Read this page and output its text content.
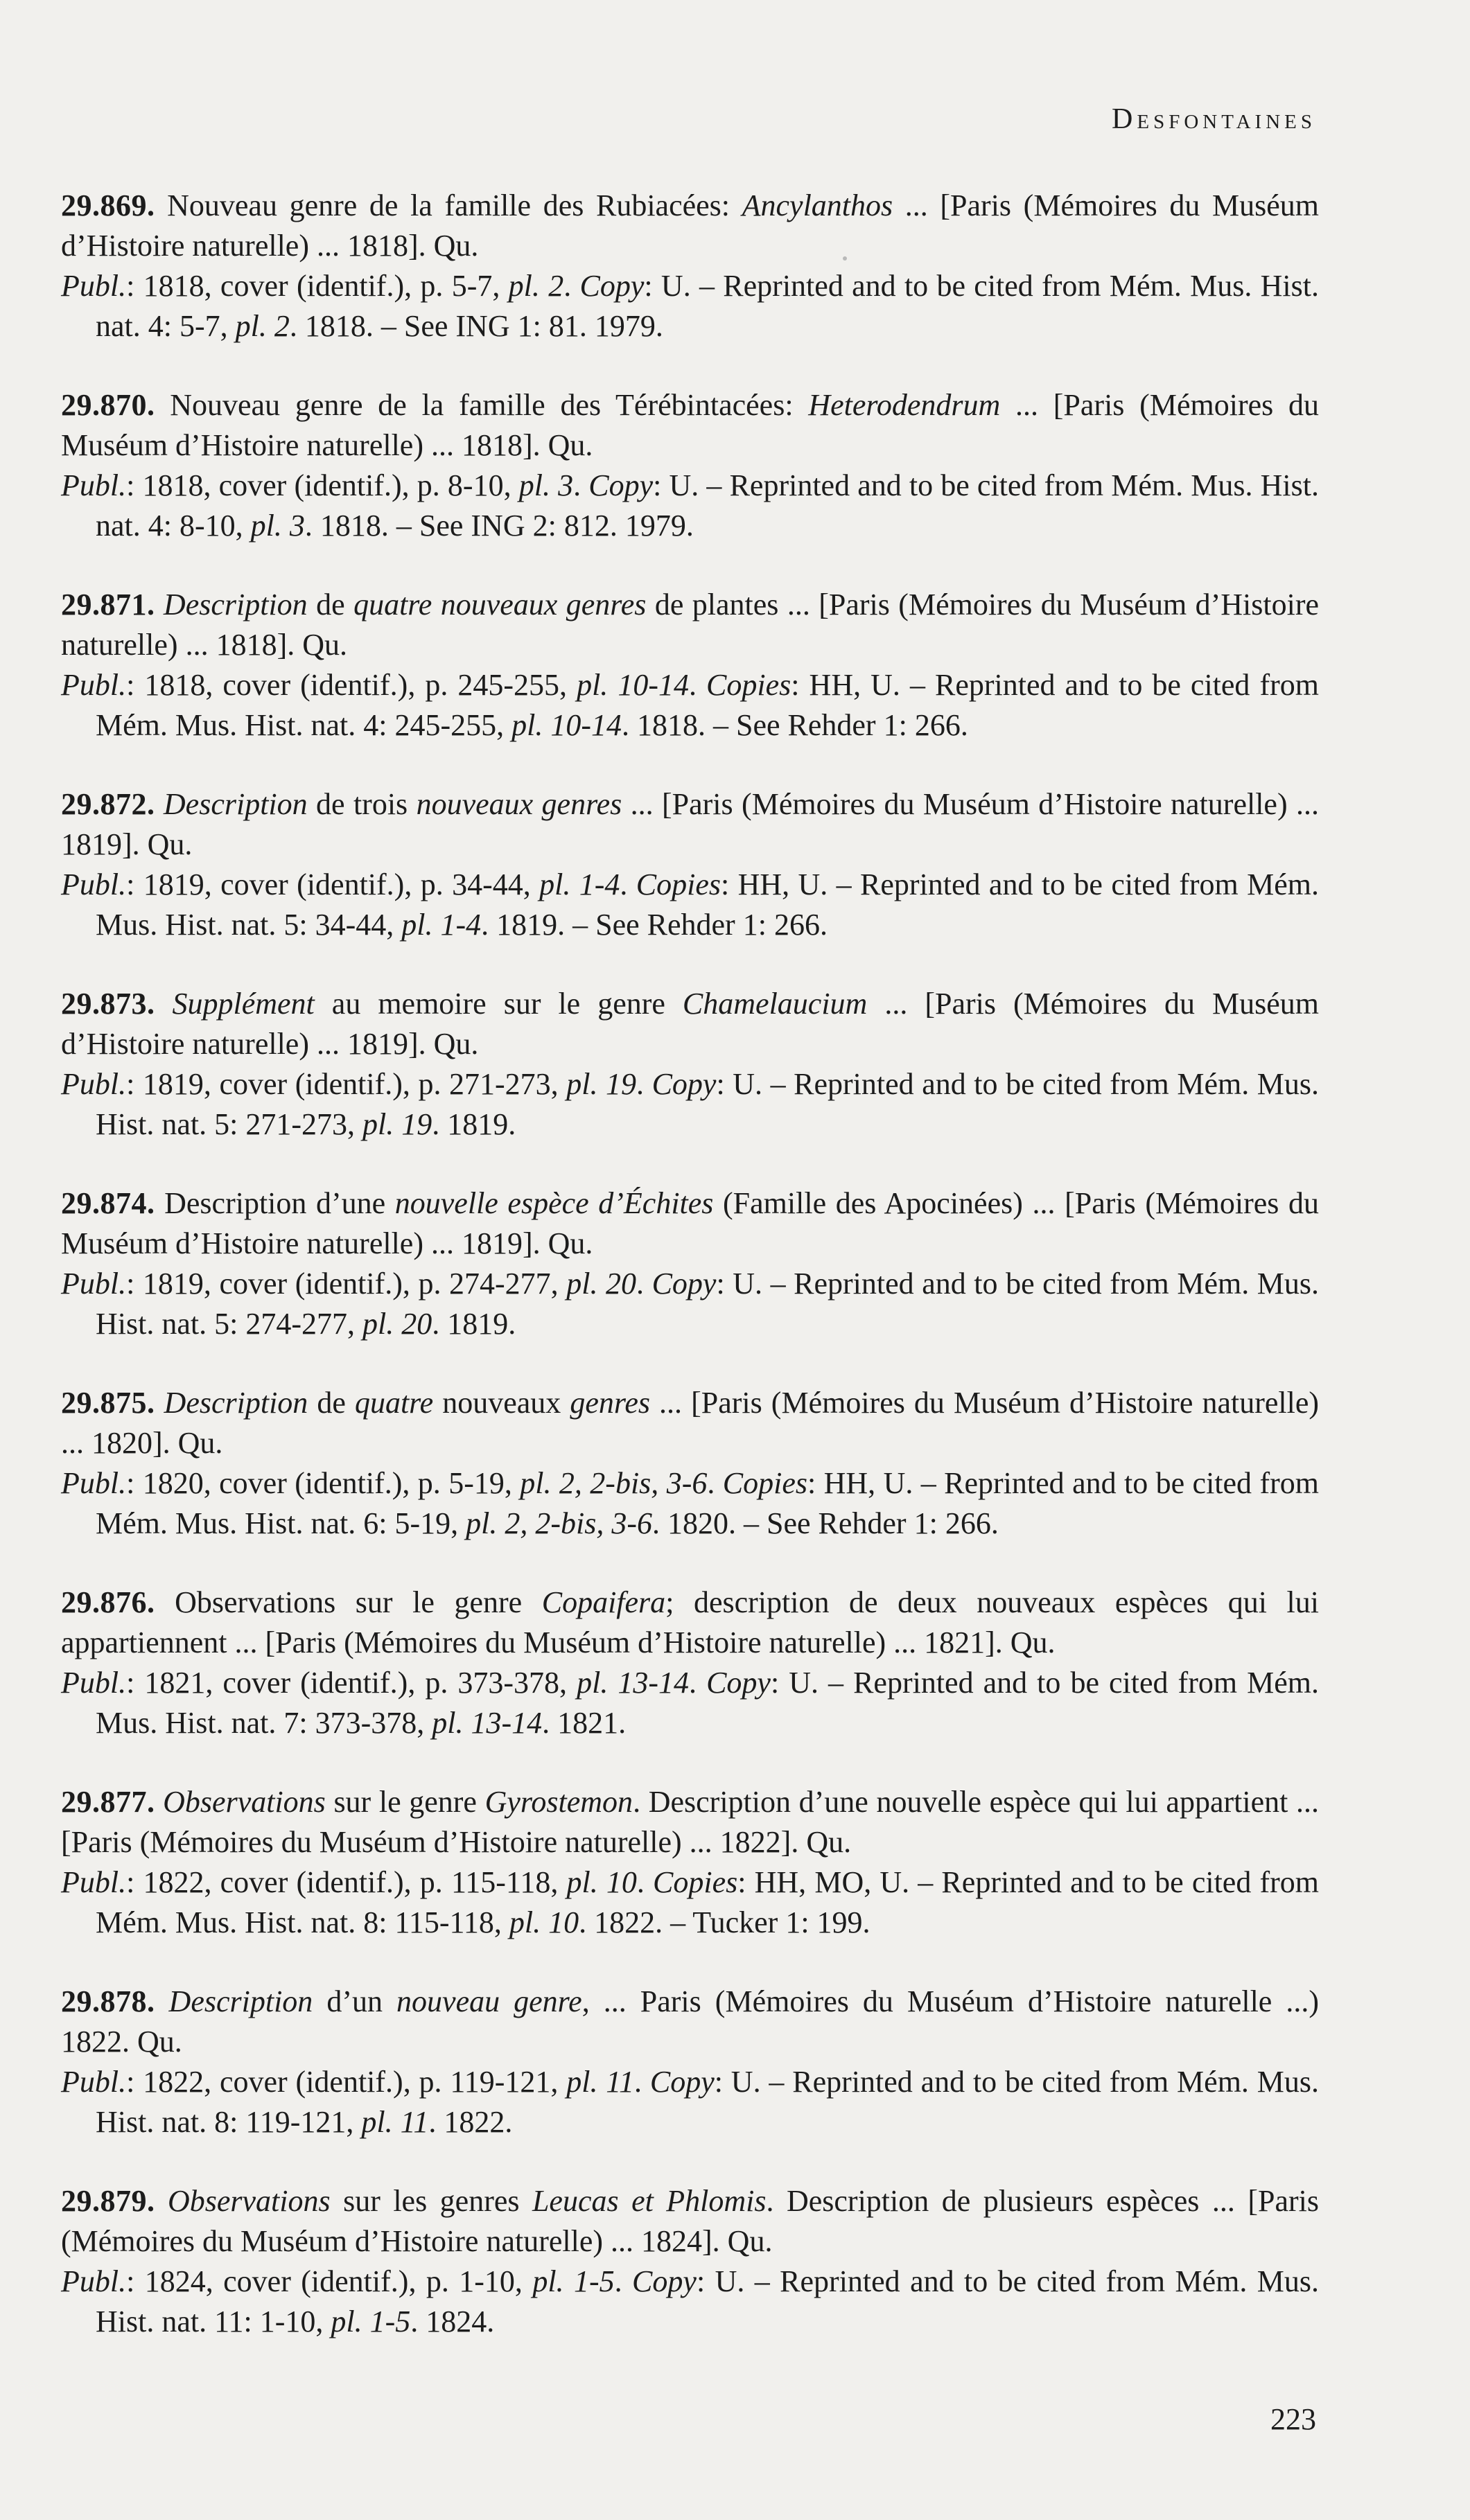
Desfontaines

29.869. Nouveau genre de la famille des Rubiacées: Ancylanthos ... [Paris (Mémoires du Muséum d’Histoire naturelle) ... 1818]. Qu.

Publ.: 1818, cover (identif.), p. 5-7, pl. 2. Copy: U. – Reprinted and to be cited from Mém. Mus. Hist. nat. 4: 5-7, pl. 2. 1818. – See ING 1: 81. 1979.

29.870. Nouveau genre de la famille des Térébintacées: Heterodendrum ... [Paris (Mémoires du Muséum d’Histoire naturelle) ... 1818]. Qu.

Publ.: 1818, cover (identif.), p. 8-10, pl. 3. Copy: U. – Reprinted and to be cited from Mém. Mus. Hist. nat. 4: 8-10, pl. 3. 1818. – See ING 2: 812. 1979.

29.871. Description de quatre nouveaux genres de plantes ... [Paris (Mémoires du Muséum d’Histoire naturelle) ... 1818]. Qu.

Publ.: 1818, cover (identif.), p. 245-255, pl. 10-14. Copies: HH, U. – Reprinted and to be cited from Mém. Mus. Hist. nat. 4: 245-255, pl. 10-14. 1818. – See Rehder 1: 266.

29.872. Description de trois nouveaux genres ... [Paris (Mémoires du Muséum d’Histoire naturelle) ... 1819]. Qu.

Publ.: 1819, cover (identif.), p. 34-44, pl. 1-4. Copies: HH, U. – Reprinted and to be cited from Mém. Mus. Hist. nat. 5: 34-44, pl. 1-4. 1819. – See Rehder 1: 266.

29.873. Supplément au memoire sur le genre Chamelaucium ... [Paris (Mémoires du Muséum d’Histoire naturelle) ... 1819]. Qu.

Publ.: 1819, cover (identif.), p. 271-273, pl. 19. Copy: U. – Reprinted and to be cited from Mém. Mus. Hist. nat. 5: 271-273, pl. 19. 1819.

29.874. Description d’une nouvelle espèce d’Échites (Famille des Apocinées) ... [Paris (Mémoires du Muséum d’Histoire naturelle) ... 1819]. Qu.

Publ.: 1819, cover (identif.), p. 274-277, pl. 20. Copy: U. – Reprinted and to be cited from Mém. Mus. Hist. nat. 5: 274-277, pl. 20. 1819.

29.875. Description de quatre nouveaux genres ... [Paris (Mémoires du Muséum d’Histoire naturelle) ... 1820]. Qu.

Publ.: 1820, cover (identif.), p. 5-19, pl. 2, 2-bis, 3-6. Copies: HH, U. – Reprinted and to be cited from Mém. Mus. Hist. nat. 6: 5-19, pl. 2, 2-bis, 3-6. 1820. – See Rehder 1: 266.

29.876. Observations sur le genre Copaifera; description de deux nouveaux espèces qui lui appartiennent ... [Paris (Mémoires du Muséum d’Histoire naturelle) ... 1821]. Qu.

Publ.: 1821, cover (identif.), p. 373-378, pl. 13-14. Copy: U. – Reprinted and to be cited from Mém. Mus. Hist. nat. 7: 373-378, pl. 13-14. 1821.

29.877. Observations sur le genre Gyrostemon. Description d’une nouvelle espèce qui lui appartient ... [Paris (Mémoires du Muséum d’Histoire naturelle) ... 1822]. Qu.

Publ.: 1822, cover (identif.), p. 115-118, pl. 10. Copies: HH, MO, U. – Reprinted and to be cited from Mém. Mus. Hist. nat. 8: 115-118, pl. 10. 1822. – Tucker 1: 199.

29.878. Description d’un nouveau genre, ... Paris (Mémoires du Muséum d’Histoire naturelle ...) 1822. Qu.

Publ.: 1822, cover (identif.), p. 119-121, pl. 11. Copy: U. – Reprinted and to be cited from Mém. Mus. Hist. nat. 8: 119-121, pl. 11. 1822.

29.879. Observations sur les genres Leucas et Phlomis. Description de plusieurs espèces ... [Paris (Mémoires du Muséum d’Histoire naturelle) ... 1824]. Qu.

Publ.: 1824, cover (identif.), p. 1-10, pl. 1-5. Copy: U. – Reprinted and to be cited from Mém. Mus. Hist. nat. 11: 1-10, pl. 1-5. 1824.

223
